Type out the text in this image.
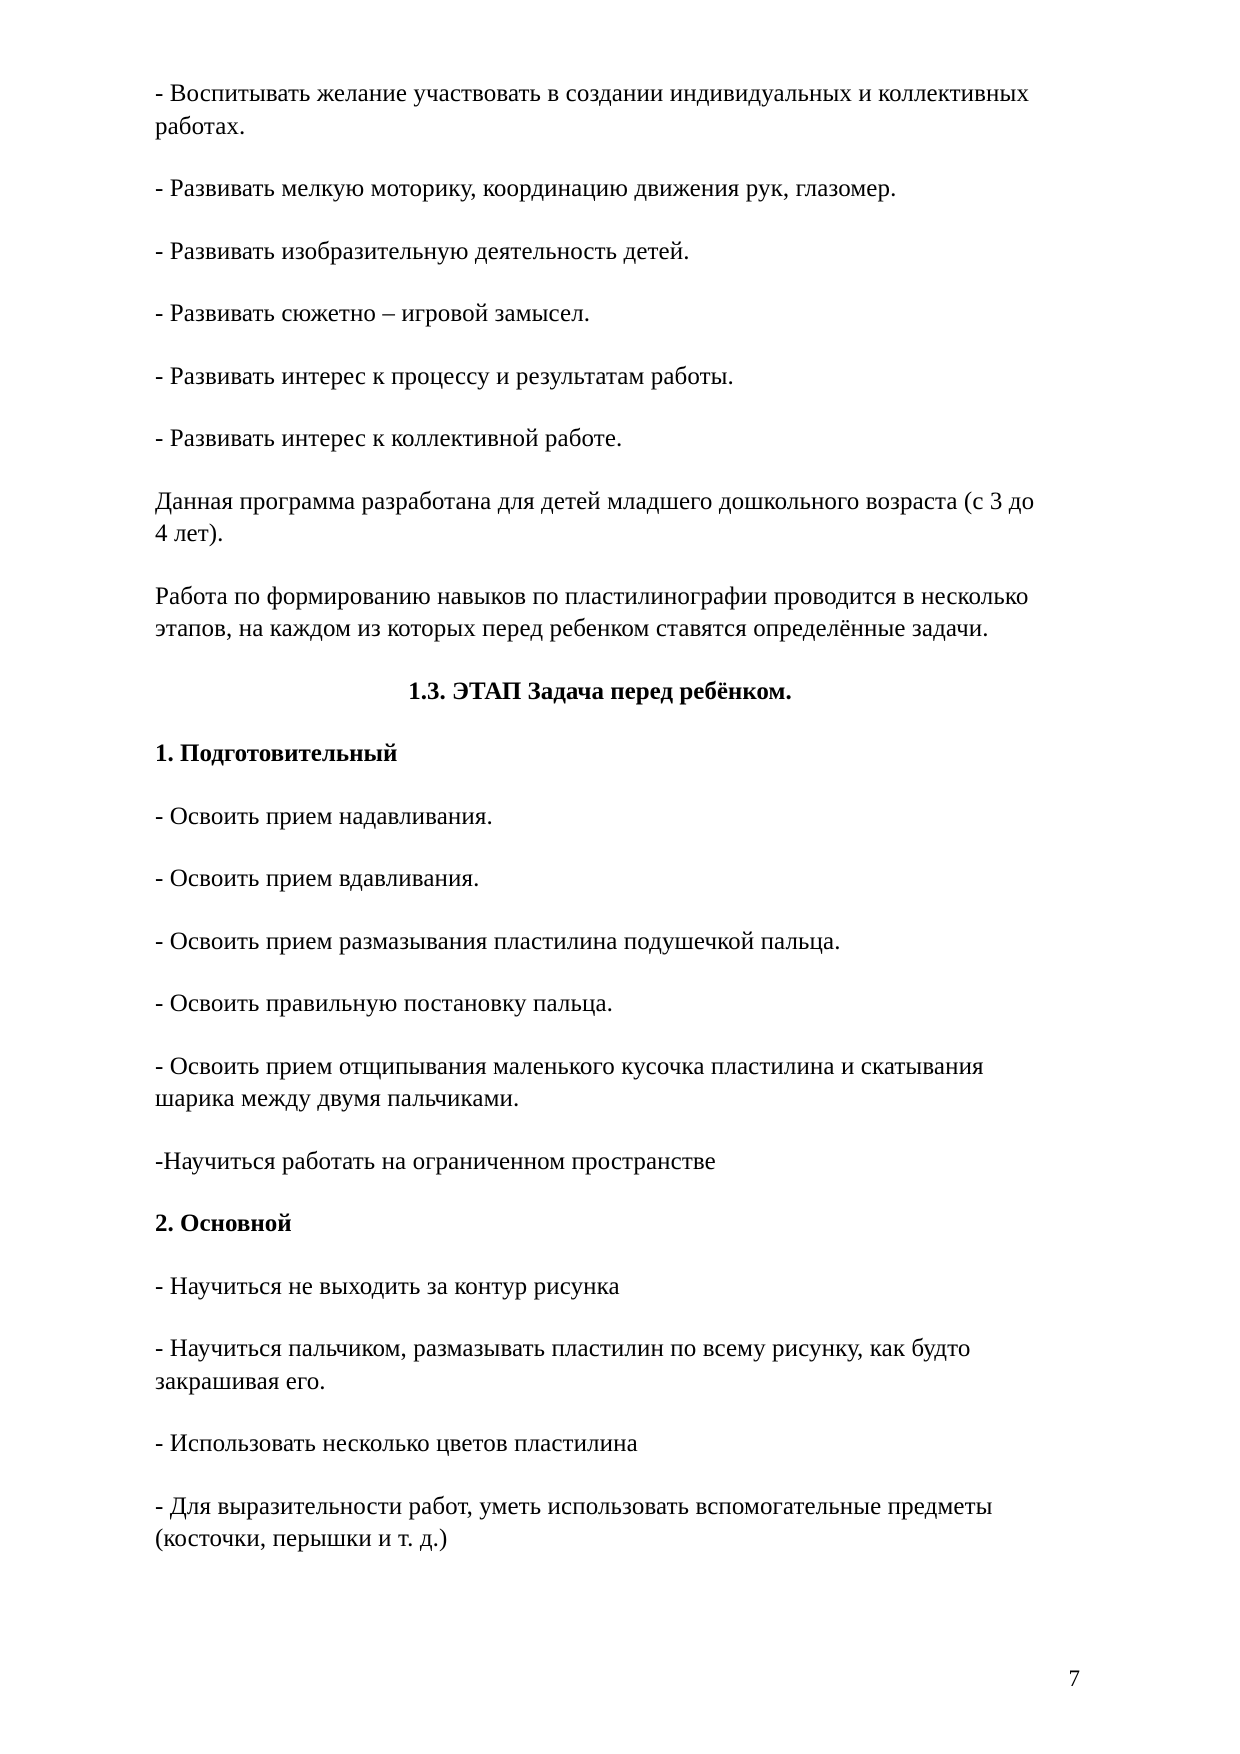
- Воспитывать желание участвовать в создании индивидуальных и коллективных работах.

- Развивать мелкую моторику, координацию движения рук, глазомер.

- Развивать изобразительную деятельность детей.

- Развивать сюжетно – игровой замысел.

- Развивать интерес к процессу и результатам работы.

- Развивать интерес к коллективной работе.

Данная программа разработана для детей младшего дошкольного возраста (с 3 до 4 лет).

Работа по формированию навыков по пластилинографии проводится в несколько этапов, на каждом из которых перед ребенком ставятся определённые задачи.

1.3. ЭТАП Задача перед ребёнком.
1. Подготовительный

- Освоить прием надавливания.

- Освоить прием вдавливания.

- Освоить прием размазывания пластилина подушечкой пальца.

- Освоить правильную постановку пальца.

- Освоить прием отщипывания маленького кусочка пластилина и скатывания шарика между двумя пальчиками.

-Научиться работать на ограниченном пространстве

2. Основной

- Научиться не выходить за контур рисунка

- Научиться пальчиком, размазывать пластилин по всему рисунку, как будто закрашивая его.

- Использовать несколько цветов пластилина

- Для выразительности работ, уметь использовать вспомогательные предметы (косточки, перышки и т. д.)

7
